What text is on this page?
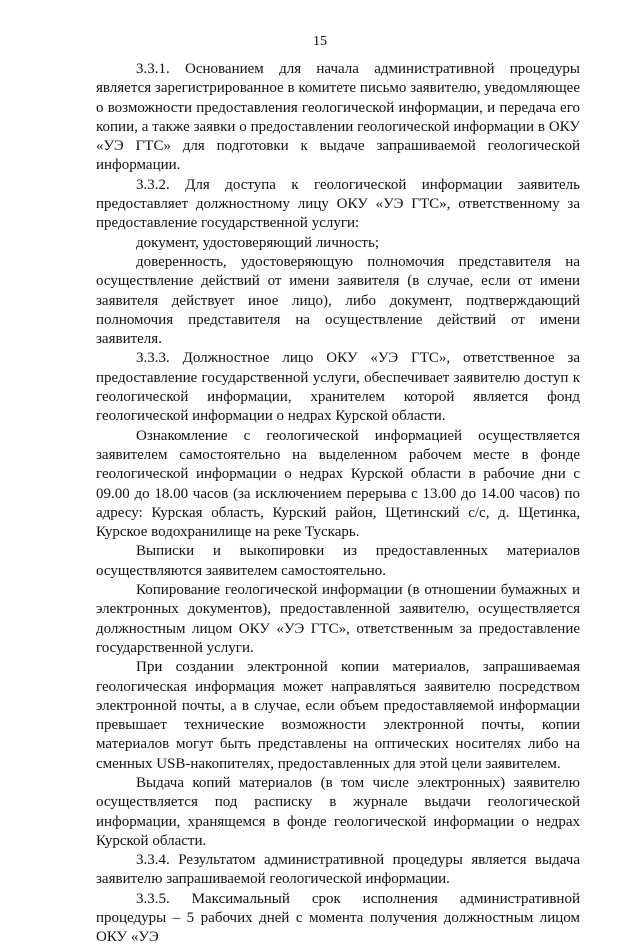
15

3.3.1. Основанием для начала административной процедуры является зарегистрированное в комитете письмо заявителю, уведомляющее о возможности предоставления геологической информации, и передача его копии, а также заявки о предоставлении геологической информации в ОКУ «УЭ ГТС» для подготовки к выдаче запрашиваемой геологической информации.

3.3.2. Для доступа к геологической информации заявитель предоставляет должностному лицу ОКУ «УЭ ГТС», ответственному за предоставление государственной услуги:

документ, удостоверяющий личность;

доверенность, удостоверяющую полномочия представителя на осуществление действий от имени заявителя (в случае, если от имени заявителя действует иное лицо), либо документ, подтверждающий полномочия представителя на осуществление действий от имени заявителя.

3.3.3. Должностное лицо ОКУ «УЭ ГТС», ответственное за предоставление государственной услуги, обеспечивает заявителю доступ к геологической информации, хранителем которой является фонд геологической информации о недрах Курской области.

Ознакомление с геологической информацией осуществляется заявителем самостоятельно на выделенном рабочем месте в фонде геологической информации о недрах Курской области в рабочие дни с 09.00 до 18.00 часов (за исключением перерыва с 13.00 до 14.00 часов) по адресу: Курская область, Курский район, Щетинский с/с, д. Щетинка, Курское водохранилище на реке Тускарь.

Выписки и выкопировки из предоставленных материалов осуществляются заявителем самостоятельно.

Копирование геологической информации (в отношении бумажных и электронных документов), предоставленной заявителю, осуществляется должностным лицом ОКУ «УЭ ГТС», ответственным за предоставление государственной услуги.

При создании электронной копии материалов, запрашиваемая геологическая информация может направляться заявителю посредством электронной почты, а в случае, если объем предоставляемой информации превышает технические возможности электронной почты, копии материалов могут быть представлены на оптических носителях либо на сменных USB-накопителях, предоставленных для этой цели заявителем.

Выдача копий материалов (в том числе электронных) заявителю осуществляется под расписку в журнале выдачи геологической информации, хранящемся в фонде геологической информации о недрах Курской области.

3.3.4. Результатом административной процедуры является выдача заявителю запрашиваемой геологической информации.

3.3.5. Максимальный срок исполнения административной процедуры – 5 рабочих дней с момента получения должностным лицом ОКУ «УЭ
